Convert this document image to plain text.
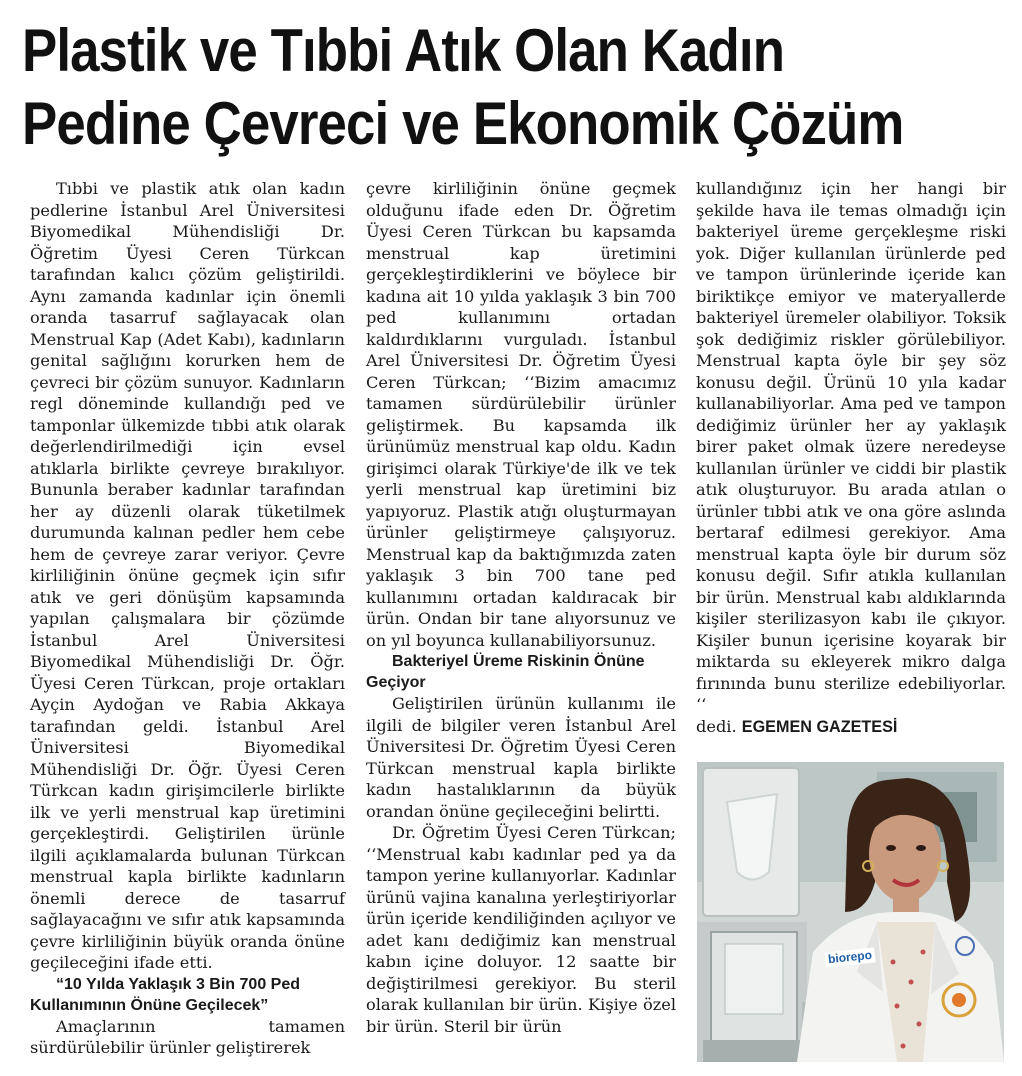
Plastik ve Tıbbi Atık Olan Kadın
Pedine Çevreci ve Ekonomik Çözüm

Tıbbi ve plastik atık olan kadın pedlerine İstanbul Arel Üniversitesi Biyomedikal Mühendisliği Dr. Öğretim Üyesi Ceren Türkcan tarafından kalıcı çözüm geliştirildi. Aynı zamanda kadınlar için önemli oranda tasarruf sağlayacak olan Menstrual Kap (Adet Kabı), kadınların genital sağlığını korurken hem de çevreci bir çözüm sunuyor. Kadınların regl döneminde kullandığı ped ve tamponlar ülkemizde tıbbi atık olarak değerlendirilmediği için evsel atıklarla birlikte çevreye bırakılıyor. Bununla beraber kadınlar tarafından her ay düzenli olarak tüketilmek durumunda kalınan pedler hem cebe hem de çevreye zarar veriyor. Çevre kirliliğinin önüne geçmek için sıfır atık ve geri dönüşüm kapsamında yapılan çalışmalara bir çözümde İstanbul Arel Üniversitesi Biyomedikal Mühendisliği Dr. Öğr. Üyesi Ceren Türkcan, proje ortakları Ayçin Aydoğan ve Rabia Akkaya tarafından geldi. İstanbul Arel Üniversitesi Biyomedikal Mühendisliği Dr. Öğr. Üyesi Ceren Türkcan kadın girişimcilerle birlikte ilk ve yerli menstrual kap üretimini gerçekleştirdi. Geliştirilen ürünle ilgili açıklamalarda bulunan Türkcan menstrual kapla birlikte kadınların önemli derece de tasarruf sağlayacağını ve sıfır atık kapsamında çevre kirliliğinin büyük oranda önüne geçileceğini ifade etti.

“10 Yılda Yaklaşık 3 Bin 700 Ped Kullanımının Önüne Geçilecek”

Amaçlarının tamamen sürdürülebilir ürünler geliştirerek

çevre kirliliğinin önüne geçmek olduğunu ifade eden Dr. Öğretim Üyesi Ceren Türkcan bu kapsamda menstrual kap üretimini gerçekleştirdiklerini ve böylece bir kadına ait 10 yılda yaklaşık 3 bin 700 ped kullanımını ortadan kaldırdıklarını vurguladı. İstanbul Arel Üniversitesi Dr. Öğretim Üyesi Ceren Türkcan; ‘‘Bizim amacımız tamamen sürdürülebilir ürünler geliştirmek. Bu kapsamda ilk ürünümüz menstrual kap oldu. Kadın girişimci olarak Türkiye'de ilk ve tek yerli menstrual kap üretimini biz yapıyoruz. Plastik atığı oluşturmayan ürünler geliştirmeye çalışıyoruz. Menstrual kap da baktığımızda zaten yaklaşık 3 bin 700 tane ped kullanımını ortadan kaldıracak bir ürün. Ondan bir tane alıyorsunuz ve on yıl boyunca kullanabiliyorsunuz.

Bakteriyel Üreme Riskinin Önüne Geçiyor

Geliştirilen ürünün kullanımı ile ilgili de bilgiler veren İstanbul Arel Üniversitesi Dr. Öğretim Üyesi Ceren Türkcan menstrual kapla birlikte kadın hastalıklarının da büyük orandan önüne geçileceğini belirtti.

Dr. Öğretim Üyesi Ceren Türkcan; ‘‘Menstrual kabı kadınlar ped ya da tampon yerine kullanıyorlar. Kadınlar ürünü vajina kanalına yerleştiriyorlar ürün içeride kendiliğinden açılıyor ve adet kanı dediğimiz kan menstrual kabın içine doluyor. 12 saatte bir değiştirilmesi gerekiyor. Bu steril olarak kullanılan bir ürün. Kişiye özel bir ürün. Steril bir ürün

kullandığınız için her hangi bir şekilde hava ile temas olmadığı için bakteriyel üreme gerçekleşme riski yok. Diğer kullanılan ürünlerde ped ve tampon ürünlerinde içeride kan biriktikçe emiyor ve materyallerde bakteriyel üremeler olabiliyor. Toksik şok dediğimiz riskler görülebiliyor. Menstrual kapta öyle bir şey söz konusu değil. Ürünü 10 yıla kadar kullanabiliyorlar. Ama ped ve tampon dediğimiz ürünler her ay yaklaşık birer paket olmak üzere neredeyse kullanılan ürünler ve ciddi bir plastik atık oluşturuyor. Bu arada atılan o ürünler tıbbi atık ve ona göre aslında bertaraf edilmesi gerekiyor. Ama menstrual kapta öyle bir durum söz konusu değil. Sıfır atıkla kullanılan bir ürün. Menstrual kabı aldıklarında kişiler sterilizasyon kabı ile çıkıyor. Kişiler bunun içerisine koyarak bir miktarda su ekleyerek mikro dalga fırınında bunu sterilize edebiliyorlar. ‘‘

dedi. EGEMEN GAZETESİ

biorepo
